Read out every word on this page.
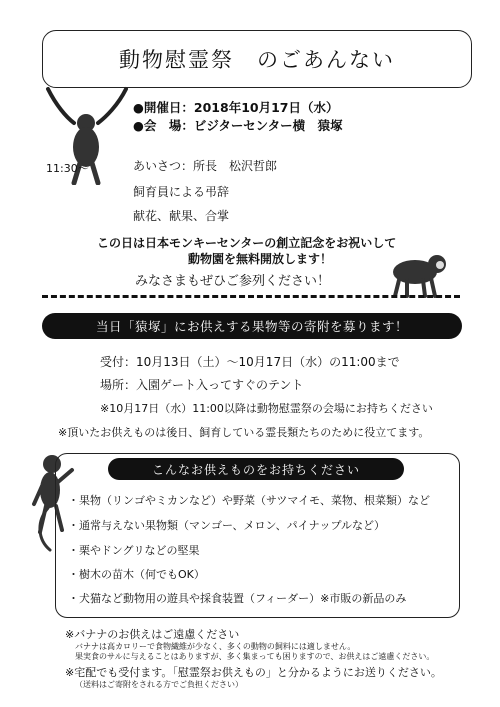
動物慰霊祭　のごあんない
●開催日：2018年10月17日（水）
●会　場：ビジターセンター横　猿塚
11:30～	あいさつ：所長　松沢哲郎
飼育員による弔辞
献花、献果、合掌
この日は日本モンキーセンターの創立記念をお祝いして
動物園を無料開放します！
みなさまもぜひご参列ください！
当日「猿塚」にお供えする果物等の寄附を募ります！
受付：10月13日（土）～10月17日（水）の11:00まで
場所：入園ゲート入ってすぐのテント
※10月17日（水）11:00以降は動物慰霊祭の会場にお持ちください
※頂いたお供えものは後日、飼育している霊長類たちのために役立てます。
こんなお供えものをお持ちください
・果物（リンゴやミカンなど）や野菜（サツマイモ、菜物、根菜類）など
・通常与えない果物類（マンゴー、メロン、パイナップルなど）
・栗やドングリなどの堅果
・樹木の苗木（何でもOK）
・犬猫など動物用の遊具や採食装置（フィーダー）※市販の新品のみ
※バナナのお供えはご遠慮ください
バナナは高カロリーで食物繊維が少なく、多くの動物の飼料には適しません。
果実食のサルに与えることはありますが、多く集まっても困りますので、お供えはご遠慮ください。
※宅配でも受付ます。「慰霊祭お供えもの」と分かるようにお送りください。
（送料はご寄附をされる方でご負担ください）
